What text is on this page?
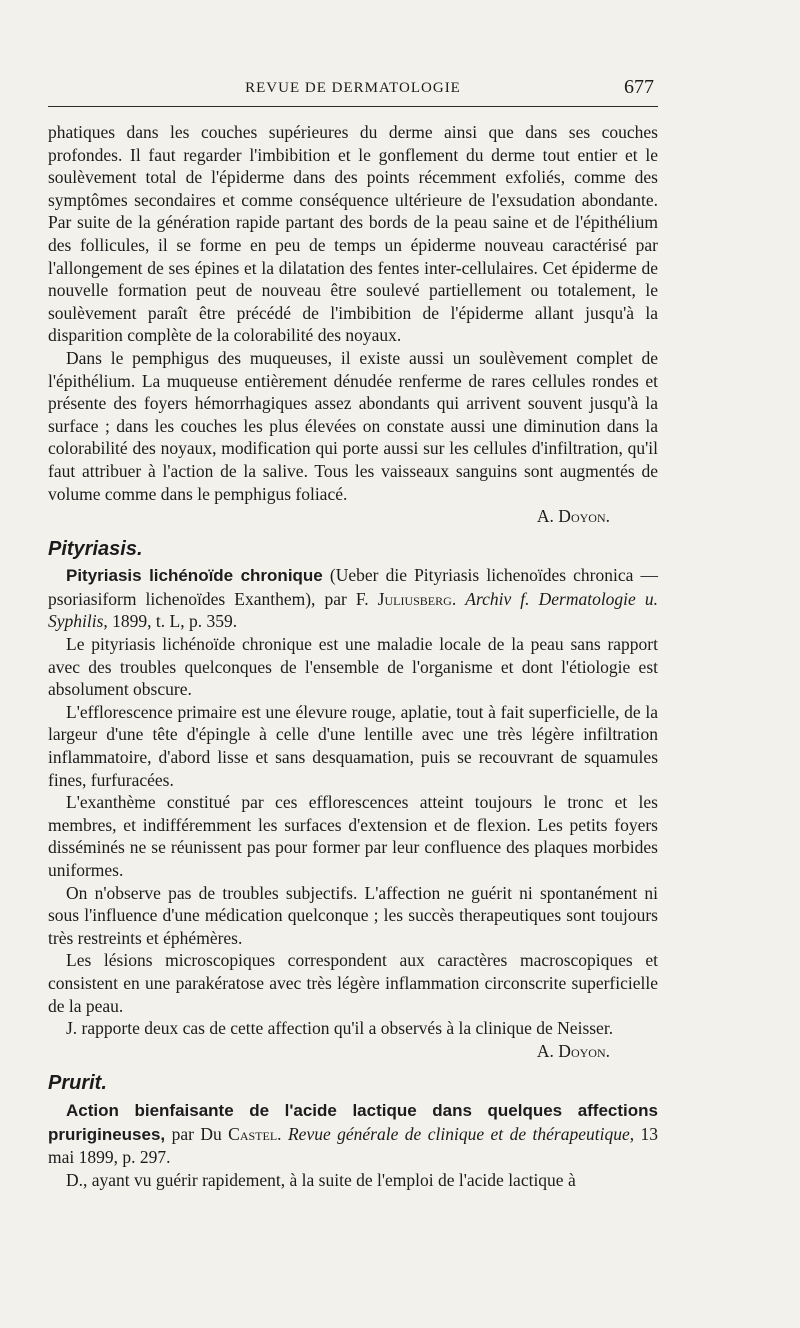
REVUE DE DERMATOLOGIE	677

phatiques dans les couches supérieures du derme ainsi que dans ses couches profondes. Il faut regarder l'imbibition et le gonflement du derme tout entier et le soulèvement total de l'épiderme dans des points récemment exfoliés, comme des symptômes secondaires et comme conséquence ultérieure de l'exsudation abondante. Par suite de la génération rapide partant des bords de la peau saine et de l'épithélium des follicules, il se forme en peu de temps un épiderme nouveau caractérisé par l'allongement de ses épines et la dilatation des fentes inter-cellulaires. Cet épiderme de nouvelle formation peut de nouveau être soulevé partiellement ou totalement, le soulèvement paraît être précédé de l'imbibition de l'épiderme allant jusqu'à la disparition complète de la colorabilité des noyaux.

Dans le pemphigus des muqueuses, il existe aussi un soulèvement complet de l'épithélium. La muqueuse entièrement dénudée renferme de rares cellules rondes et présente des foyers hémorrhagiques assez abondants qui arrivent souvent jusqu'à la surface ; dans les couches les plus élevées on constate aussi une diminution dans la colorabilité des noyaux, modification qui porte aussi sur les cellules d'infiltration, qu'il faut attribuer à l'action de la salive. Tous les vaisseaux sanguins sont augmentés de volume comme dans le pemphigus foliacé.

A. Doyon.
Pityriasis.

Pityriasis lichénoïde chronique (Ueber die Pityriasis lichenoïdes chronica — psoriasiform lichenoïdes Exanthem), par F. Juliusberg. Archiv f. Dermatologie u. Syphilis, 1899, t. L, p. 359.

Le pityriasis lichénoïde chronique est une maladie locale de la peau sans rapport avec des troubles quelconques de l'ensemble de l'organisme et dont l'étiologie est absolument obscure.

L'efflorescence primaire est une élevure rouge, aplatie, tout à fait superficielle, de la largeur d'une tête d'épingle à celle d'une lentille avec une très légère infiltration inflammatoire, d'abord lisse et sans desquamation, puis se recouvrant de squamules fines, furfuracées.

L'exanthème constitué par ces efflorescences atteint toujours le tronc et les membres, et indifféremment les surfaces d'extension et de flexion. Les petits foyers disséminés ne se réunissent pas pour former par leur confluence des plaques morbides uniformes.

On n'observe pas de troubles subjectifs. L'affection ne guérit ni spontanément ni sous l'influence d'une médication quelconque ; les succès therapeutiques sont toujours très restreints et éphémères.

Les lésions microscopiques correspondent aux caractères macroscopiques et consistent en une parakératose avec très légère inflammation circonscrite superficielle de la peau.

J. rapporte deux cas de cette affection qu'il a observés à la clinique de Neisser.

A. Doyon.
Prurit.

Action bienfaisante de l'acide lactique dans quelques affections prurigineuses, par Du Castel. Revue générale de clinique et de thérapeutique, 13 mai 1899, p. 297.

D., ayant vu guérir rapidement, à la suite de l'emploi de l'acide lactique à
